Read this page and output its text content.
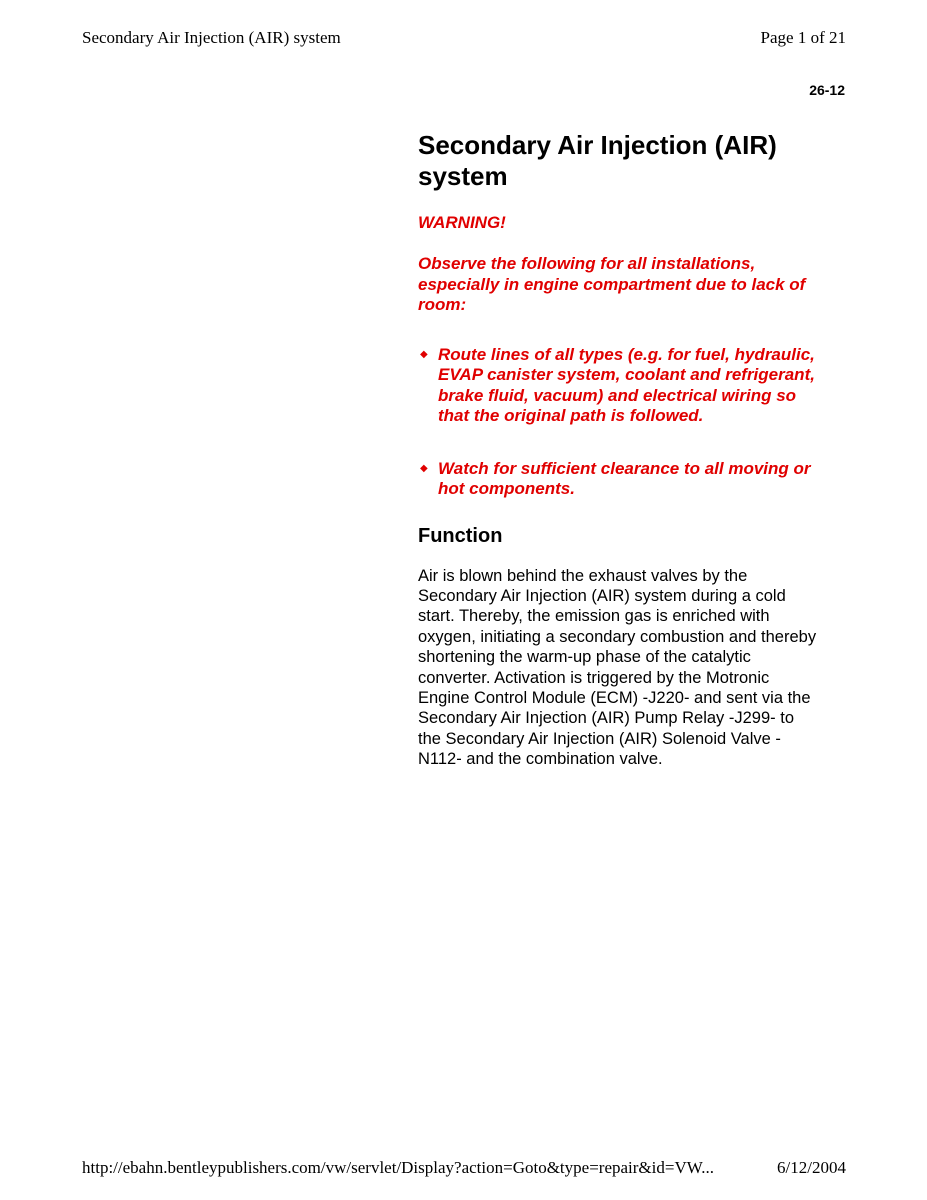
Secondary Air Injection (AIR) system	Page 1 of 21
26-12
Secondary Air Injection (AIR) system
WARNING!
Observe the following for all installations, especially in engine compartment due to lack of room:
◆ Route lines of all types (e.g. for fuel, hydraulic, EVAP canister system, coolant and refrigerant, brake fluid, vacuum) and electrical wiring so that the original path is followed.
◆ Watch for sufficient clearance to all moving or hot components.
Function
Air is blown behind the exhaust valves by the Secondary Air Injection (AIR) system during a cold start. Thereby, the emission gas is enriched with oxygen, initiating a secondary combustion and thereby shortening the warm-up phase of the catalytic converter. Activation is triggered by the Motronic Engine Control Module (ECM) -J220- and sent via the Secondary Air Injection (AIR) Pump Relay -J299- to the Secondary Air Injection (AIR) Solenoid Valve -N112- and the combination valve.
http://ebahn.bentleypublishers.com/vw/servlet/Display?action=Goto&type=repair&id=VW...	6/12/2004
